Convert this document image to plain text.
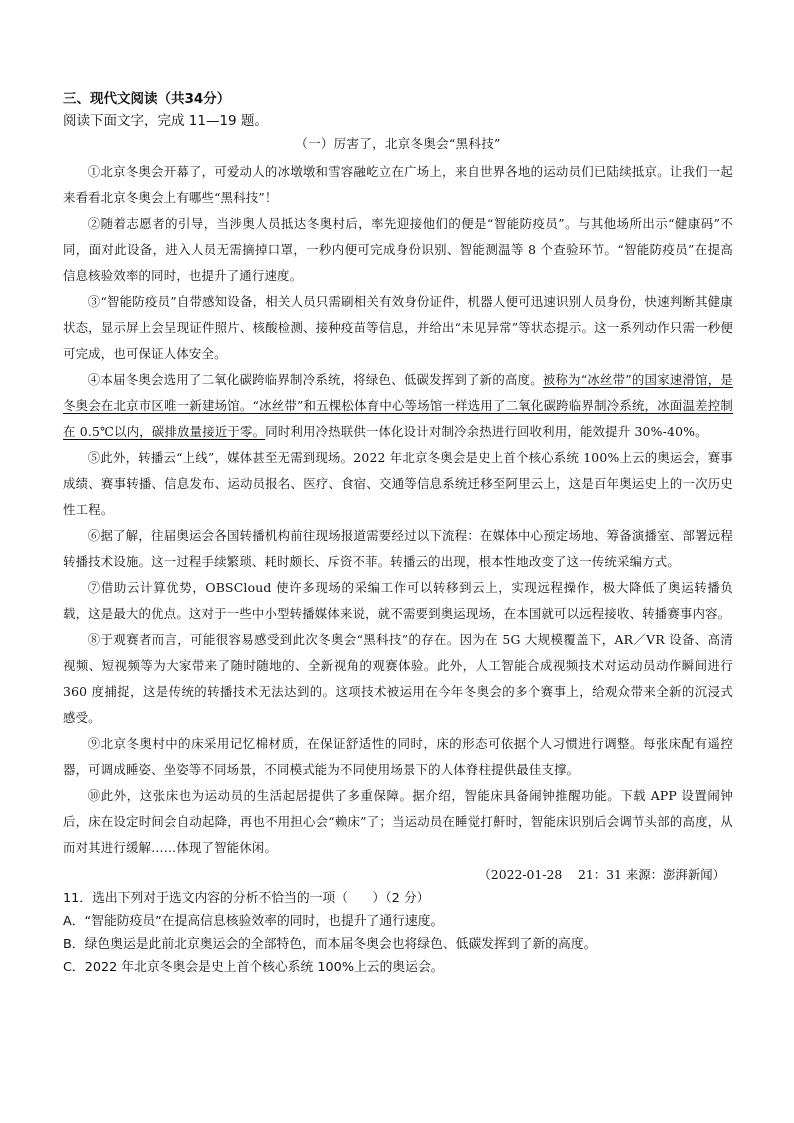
三、现代文阅读（共34分）

阅读下面文字，完成 11—19 题。

（一）厉害了，北京冬奥会“黑科技”

①北京冬奥会开幕了，可爱动人的冰墩墩和雪容融屹立在广场上，来自世界各地的运动员们已陆续抵京。让我们一起来看看北京冬奥会上有哪些“黑科技”！

②随着志愿者的引导，当涉奥人员抵达冬奥村后，率先迎接他们的便是“智能防疫员”。与其他场所出示“健康码”不同，面对此设备，进入人员无需摘掉口罩，一秒内便可完成身份识别、智能测温等 8 个查验环节。“智能防疫员”在提高信息核验效率的同时，也提升了通行速度。

③“智能防疫员”自带感知设备，相关人员只需刷相关有效身份证件，机器人便可迅速识别人员身份，快速判断其健康状态，显示屏上会呈现证件照片、核酸检测、接种疫苗等信息，并给出“未见异常”等状态提示。这一系列动作只需一秒便可完成，也可保证人体安全。

④本届冬奥会选用了二氧化碳跨临界制冷系统，将绿色、低碳发挥到了新的高度。被称为“冰丝带”的国家速滑馆，是冬奥会在北京市区唯一新建场馆。“冰丝带”和五棵松体育中心等场馆一样选用了二氧化碳跨临界制冷系统，冰面温差控制在 0.5℃以内，碳排放量接近于零。同时利用冷热联供一体化设计对制冷余热进行回收利用，能效提升 30%-40%。

⑤此外，转播云“上线”，媒体甚至无需到现场。2022 年北京冬奥会是史上首个核心系统 100%上云的奥运会，赛事成绩、赛事转播、信息发布、运动员报名、医疗、食宿、交通等信息系统迁移至阿里云上，这是百年奥运史上的一次历史性工程。

⑥据了解，往届奥运会各国转播机构前往现场报道需要经过以下流程：在媒体中心预定场地、筹备演播室、部署远程转播技术设施。这一过程手续繁琐、耗时颇长、斥资不菲。转播云的出现，根本性地改变了这一传统采编方式。

⑦借助云计算优势，OBSCloud 使许多现场的采编工作可以转移到云上，实现远程操作，极大降低了奥运转播负载，这是最大的优点。这对于一些中小型转播媒体来说，就不需要到奥运现场，在本国就可以远程接收、转播赛事内容。

⑧于观赛者而言，可能很容易感受到此次冬奥会“黑科技”的存在。因为在 5G 大规模覆盖下，AR／VR 设备、高清视频、短视频等为大家带来了随时随地的、全新视角的观赛体验。此外，人工智能合成视频技术对运动员动作瞬间进行 360 度捕捉，这是传统的转播技术无法达到的。这项技术被运用在今年冬奥会的多个赛事上，给观众带来全新的沉浸式感受。

⑨北京冬奥村中的床采用记忆棉材质，在保证舒适性的同时，床的形态可依据个人习惯进行调整。每张床配有遥控器，可调成睡姿、坐姿等不同场景，不同模式能为不同使用场景下的人体脊柱提供最佳支撑。

⑩此外，这张床也为运动员的生活起居提供了多重保障。据介绍，智能床具备闹钟推醒功能。下载 APP 设置闹钟后，床在设定时间会自动起降，再也不用担心会“赖床”了；当运动员在睡觉打鼾时，智能床识别后会调节头部的高度，从而对其进行缓解……体现了智能休闲。

（2022-01-28    21：31 来源：澎湃新闻）

11．选出下列对于选文内容的分析不恰当的一项（      ）（2 分）

A．“智能防疫员”在提高信息核验效率的同时，也提升了通行速度。

B．绿色奥运是此前北京奥运会的全部特色，而本届冬奥会也将绿色、低碳发挥到了新的高度。

C．2022 年北京冬奥会是史上首个核心系统 100%上云的奥运会。
